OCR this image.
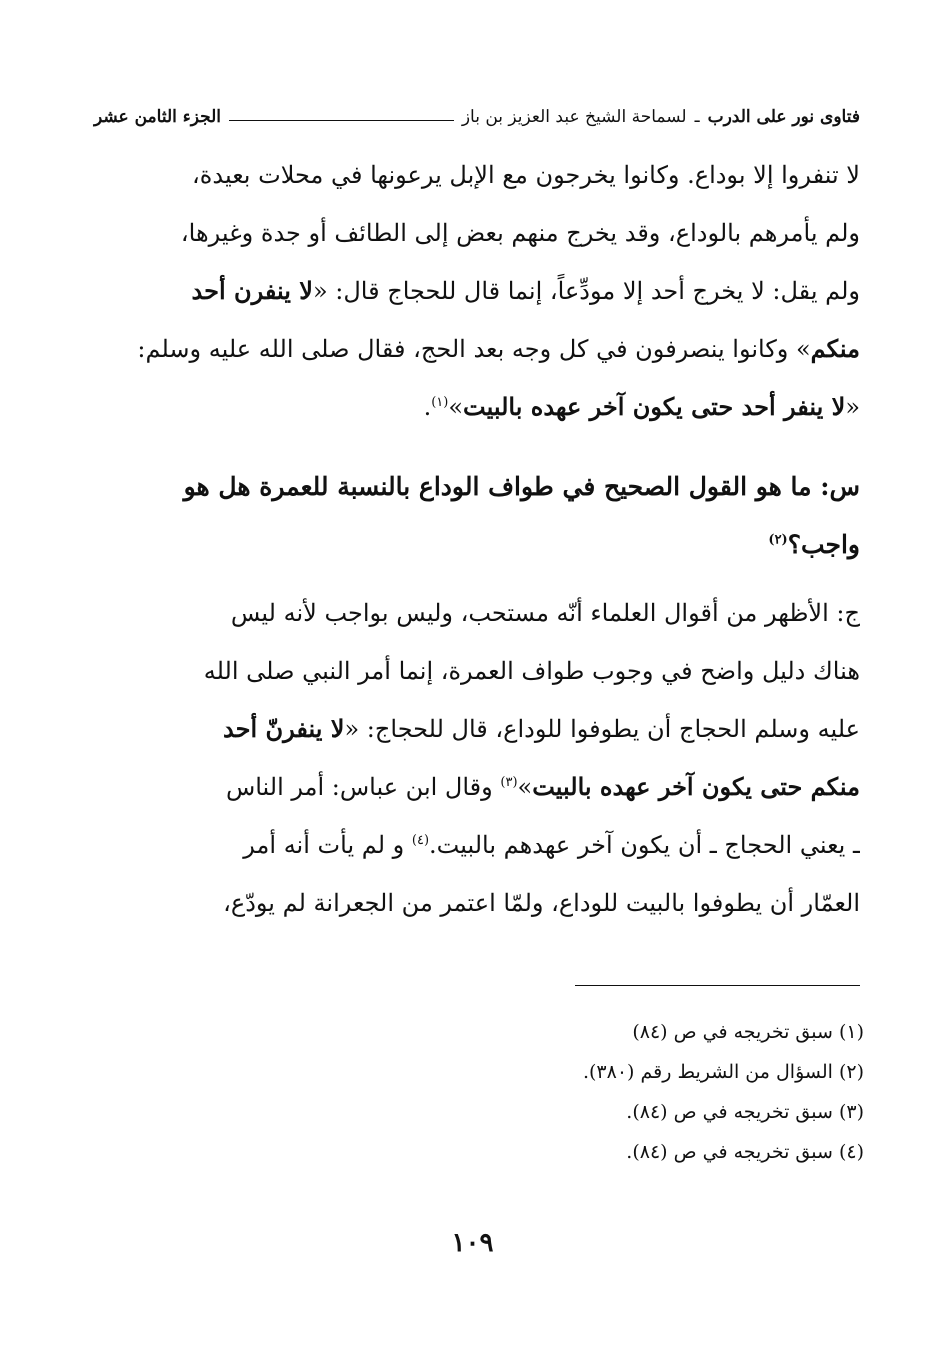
فتاوى نور على الدرب
ـ
لسماحة الشيخ عبد العزيز بن باز
الجزء الثامن عشر
لا تنفروا إلا بوداع. وكانوا يخرجون مع الإبل يرعونها في محلات بعيدة،
ولم يأمرهم بالوداع، وقد يخرج منهم بعض إلى الطائف أو جدة وغيرها،
ولم يقل: لا يخرج أحد إلا مودِّعاً، إنما قال للحجاج قال: «لا ينفرن أحد
منكم» وكانوا ينصرفون في كل وجه بعد الحج، فقال صلى الله عليه وسلم:
«لا ينفر أحد حتى يكون آخر عهده بالبيت»$^{(١)}$.
س: ما هو القول الصحيح في طواف الوداع بالنسبة للعمرة هل هو
واجب؟$^{(٢)}$
ج: الأظهر من أقوال العلماء أنّه مستحب، وليس بواجب لأنه ليس
هناك دليل واضح في وجوب طواف العمرة، إنما أمر النبي صلى الله
عليه وسلم الحجاج أن يطوفوا للوداع، قال للحجاج: «لا ينفرنّ أحد
منكم حتى يكون آخر عهده بالبيت»$^{(٣)}$ وقال ابن عباس: أمر الناس
ـ يعني الحجاج ـ أن يكون آخر عهدهم بالبيت.$^{(٤)}$ و لم يأت أنه أمر
العمّار أن يطوفوا بالبيت للوداع، ولمّا اعتمر من الجعرانة لم يودّع،
(١) سبق تخريجه في ص (٨٤)
(٢) السؤال من الشريط رقم (٣٨٠).
(٣) سبق تخريجه في ص (٨٤).
(٤) سبق تخريجه في ص (٨٤).
١٠٩
